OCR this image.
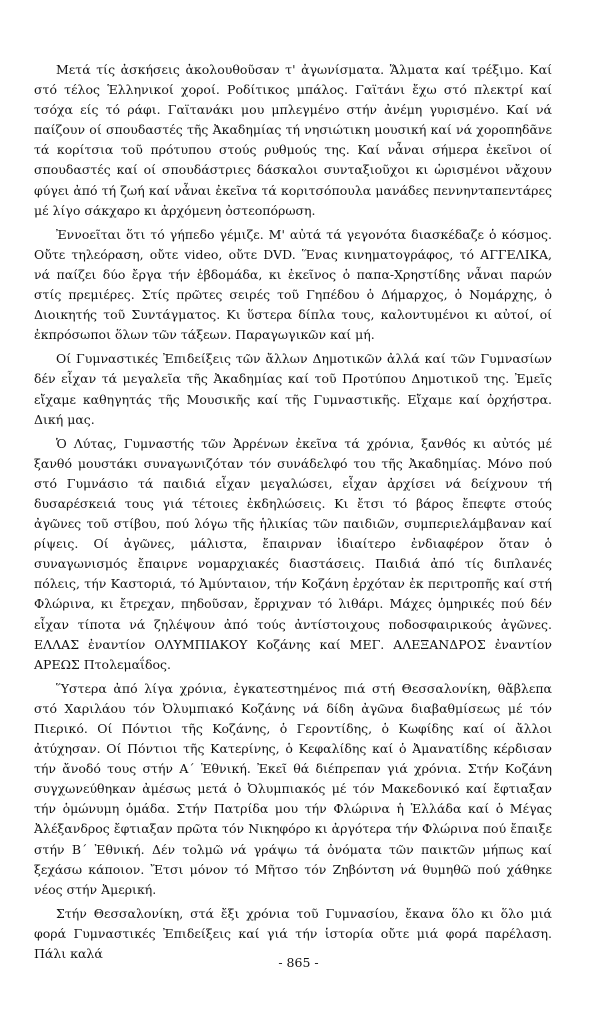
Μετά τίς ἀσκήσεις ἀκολουθοῦσαν τ' ἀγωνίσματα. Ἅλματα καί τρέξιμο. Καί στό τέλος Ἑλληνικοί χοροί. Ροδίτικος μπάλος. Γαϊτάνι ἔχω στό πλεκτρί καί τσόχα είς τό ράφι. Γαϊτανάκι μου μπλεγμένο στήν ἀνέμη γυρισμένο. Καί νά παίζουν οί σπουδαστές τῆς Ἀκαδημίας τή νησιώτικη μουσική καί νά χοροπηδᾶνε τά κορίτσια τοῦ πρότυπου στούς ρυθμούς της. Καί νἆναι σήμερα ἐκεῖνοι οί σπουδαστές καί οί σπουδάστριες δάσκαλοι συνταξιοῦχοι κι ὡρισμένοι νἄχουν φύγει ἀπό τή ζωή καί νἆναι ἐκεῖνα τά κοριτσόπουλα μανάδες πεννηνταπεντάρες μέ λίγο σάκχαρο κι ἀρχόμενη ὀστεοπόρωση.

Ἐννοεῖται ὅτι τό γήπεδο γέμιζε. Μ' αὐτά τά γεγονότα διασκέδαζε ὁ κόσμος. Οὔτε τηλεόραση, οὔτε video, οὔτε DVD. Ἕνας κινηματογράφος, τό ΑΓΓΕΛΙΚΑ, νά παίζει δύο ἔργα τήν ἑβδομάδα, κι ἐκεῖνος ὁ παπα-Χρηστίδης νἆναι παρών στίς πρεμιέρες. Στίς πρῶτες σειρές τοῦ Γηπέδου ὁ Δήμαρχος, ὁ Νομάρχης, ὁ Διοικητής τοῦ Συντάγματος. Κι ὕστερα δίπλα τους, καλοντυμένοι κι αὐτοί, οί ἐκπρόσωποι ὅλων τῶν τάξεων. Παραγωγικῶν καί μή.

Οί Γυμναστικές Ἐπιδείξεις τῶν ἄλλων Δημοτικῶν ἀλλά καί τῶν Γυμνασίων δέν εἶχαν τά μεγαλεῖα τῆς Ἀκαδημίας καί τοῦ Προτύπου Δημοτικοῦ της. Ἐμεῖς εἴχαμε καθηγητάς τῆς Μουσικῆς καί τῆς Γυμναστικῆς. Εἴχαμε καί ὀρχήστρα. Δική μας.

Ὁ Λύτας, Γυμναστής τῶν Ἀρρένων ἐκεῖνα τά χρόνια, ξανθός κι αὐτός μέ ξανθό μουστάκι συναγωνιζόταν τόν συνάδελφό του τῆς Ἀκαδημίας. Μόνο πού στό Γυμνάσιο τά παιδιά εἶχαν μεγαλώσει, εἶχαν ἀρχίσει νά δείχνουν τή δυσαρέσκειά τους γιά τέτοιες ἐκδηλώσεις. Κι ἔτσι τό βάρος ἔπεφτε στούς ἀγῶνες τοῦ στίβου, πού λόγω τῆς ἡλικίας τῶν παιδιῶν, συμπεριελάμβαναν καί ρίψεις. Οί ἀγῶνες, μάλιστα, ἔπαιρναν ἰδιαίτερο ἐνδιαφέρον ὅταν ὁ συναγωνισμός ἔπαιρνε νομαρχιακές διαστάσεις. Παιδιά ἀπό τίς διπλανές πόλεις, τήν Καστοριά, τό Ἀμύνταιον, τήν Κοζάνη ἐρχόταν ἐκ περιτροπῆς καί στή Φλώρινα, κι ἔτρεχαν, πηδοῦσαν, ἔρριχναν τό λιθάρι. Μάχες ὁμηρικές πού δέν εἶχαν τίποτα νά ζηλέψουν ἀπό τούς ἀντίστοιχους ποδοσφαιρικούς ἀγῶνες. ΕΛΛΑΣ ἐναντίον ΟΛΥΜΠΙΑΚΟΥ Κοζάνης καί ΜΕΓ. ΑΛΕΞΑΝΔΡΟΣ ἐναντίον ΑΡΕΩΣ Πτολεμαΐδος.

Ὕστερα ἀπό λίγα χρόνια, ἐγκατεστημένος πιά στή Θεσσαλονίκη, θἄβλεπα στό Χαριλάου τόν Ὀλυμπιακό Κοζάνης νά δίδη ἀγῶνα διαβαθμίσεως μέ τόν Πιερικό. Οί Πόντιοι τῆς Κοζάνης, ὁ Γεροντίδης, ὁ Κωφίδης καί οί ἄλλοι ἀτύχησαν. Οί Πόντιοι τῆς Κατερίνης, ὁ Κεφαλίδης καί ὁ Ἀμανατίδης κέρδισαν τήν ἄνοδό τους στήν Α΄ Ἐθνική. Ἐκεῖ θά διέπρεπαν γιά χρόνια. Στήν Κοζάνη συγχωνεύθηκαν ἀμέσως μετά ὁ Ὀλυμπιακός μέ τόν Μακεδονικό καί ἔφτιαξαν τήν ὁμώνυμη ὁμάδα. Στήν Πατρίδα μου τήν Φλώρινα ἡ Ἑλλάδα καί ὁ Μέγας Ἀλέξανδρος ἔφτιαξαν πρῶτα τόν Νικηφόρο κι ἀργότερα τήν Φλώρινα πού ἔπαιξε στήν Β΄ Ἐθνική. Δέν τολμῶ νά γράψω τά ὀνόματα τῶν παικτῶν μήπως καί ξεχάσω κάποιον. Ἔτσι μόνον τό Μῆτσο τόν Ζηβόντση νά θυμηθῶ πού χάθηκε νέος στήν Ἀμερική.

Στήν Θεσσαλονίκη, στά ἔξι χρόνια τοῦ Γυμνασίου, ἔκανα ὅλο κι ὅλο μιά φορά Γυμναστικές Ἐπιδείξεις καί γιά τήν ἱστορία οὔτε μιά φορά παρέλαση. Πάλι καλά

- 865 -
